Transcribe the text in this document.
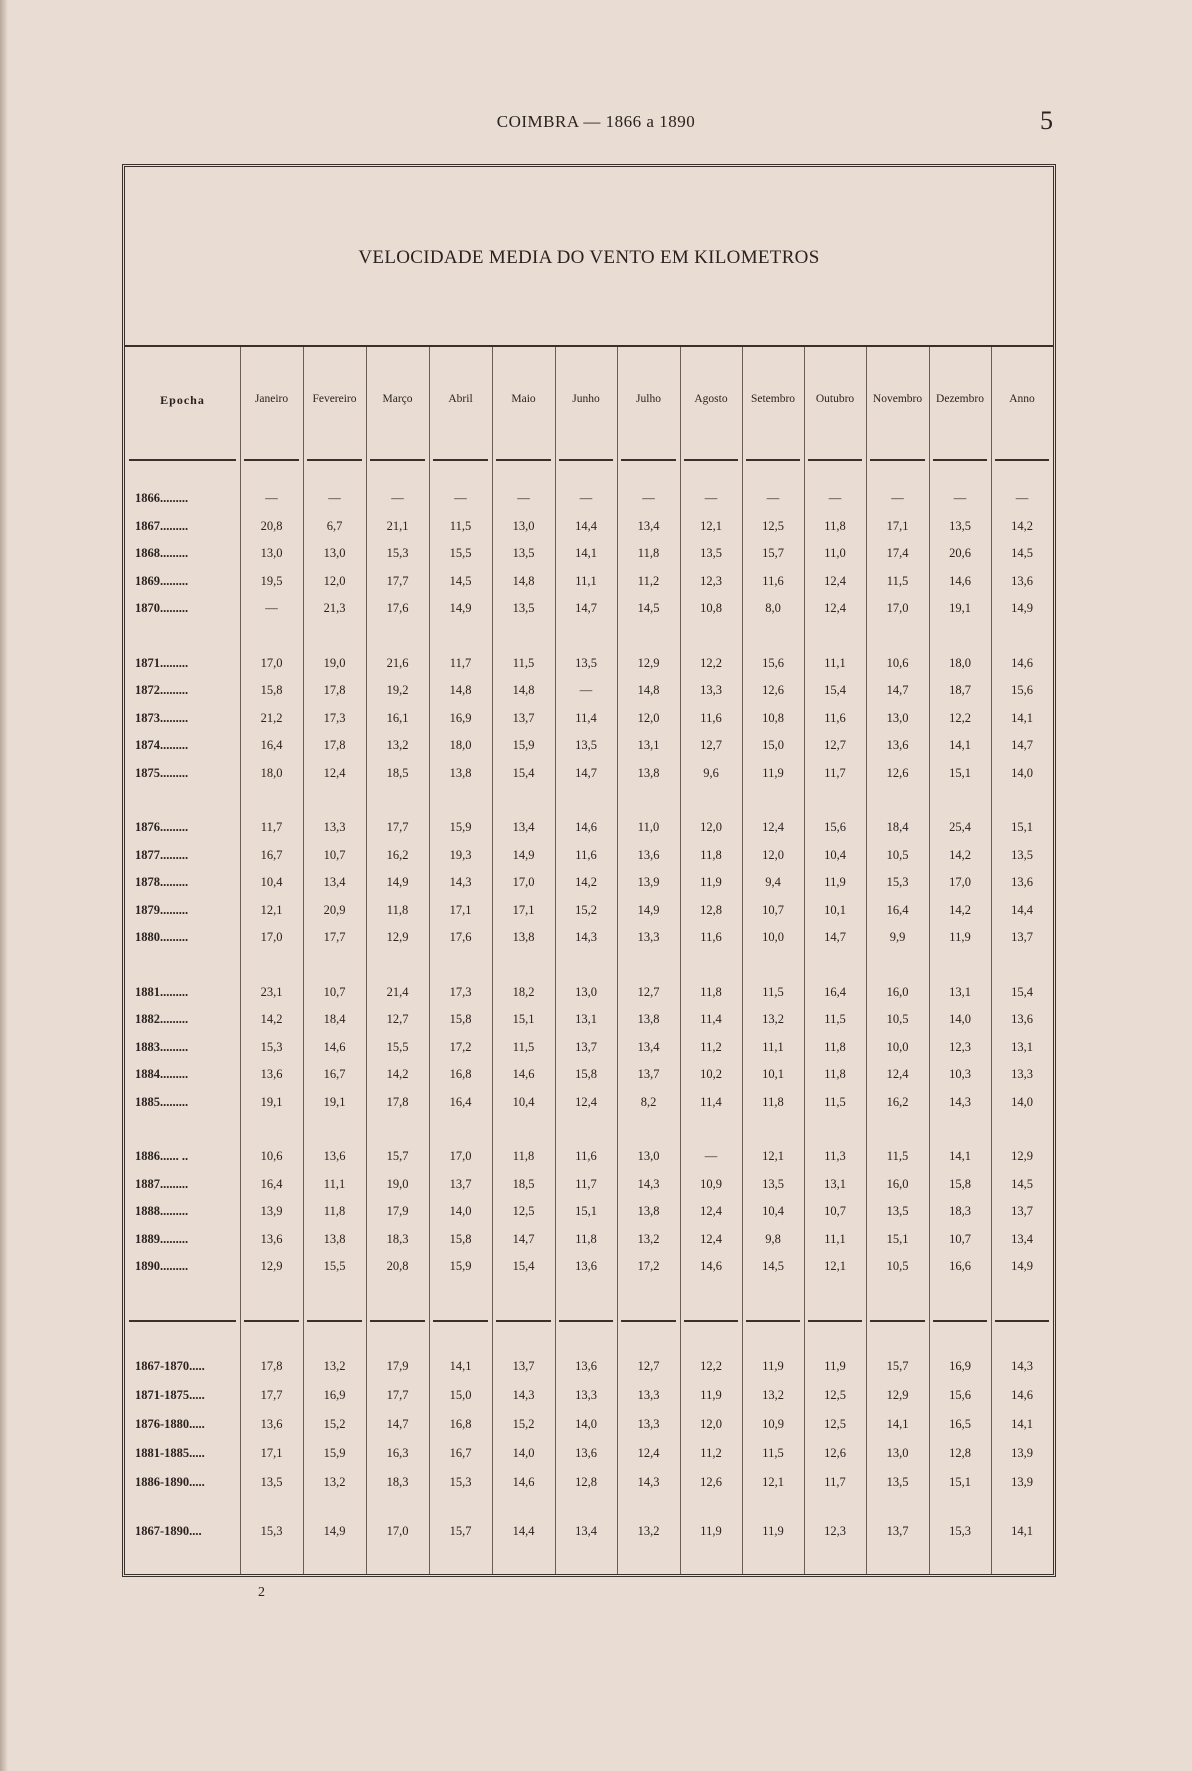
COIMBRA — 1866 a 1890	5
VELOCIDADE MEDIA DO VENTO EM KILOMETROS
Epocha	Janeiro	Fevereiro	Março	Abril	Maio	Junho	Julho	Agosto	Setembro	Outubro	Novembro	Dezembro	Anno
1866.........	—	—	—	—	—	—	—	—	—	—	—	—	—
1867.........	20,8	6,7	21,1	11,5	13,0	14,4	13,4	12,1	12,5	11,8	17,1	13,5	14,2
1868.........	13,0	13,0	15,3	15,5	13,5	14,1	11,8	13,5	15,7	11,0	17,4	20,6	14,5
1869.........	19,5	12,0	17,7	14,5	14,8	11,1	11,2	12,3	11,6	12,4	11,5	14,6	13,6
1870.........	—	21,3	17,6	14,9	13,5	14,7	14,5	10,8	8,0	12,4	17,0	19,1	14,9
1871.........	17,0	19,0	21,6	11,7	11,5	13,5	12,9	12,2	15,6	11,1	10,6	18,0	14,6
1872.........	15,8	17,8	19,2	14,8	14,8	—	14,8	13,3	12,6	15,4	14,7	18,7	15,6
1873.........	21,2	17,3	16,1	16,9	13,7	11,4	12,0	11,6	10,8	11,6	13,0	12,2	14,1
1874.........	16,4	17,8	13,2	18,0	15,9	13,5	13,1	12,7	15,0	12,7	13,6	14,1	14,7
1875.........	18,0	12,4	18,5	13,8	15,4	14,7	13,8	9,6	11,9	11,7	12,6	15,1	14,0
1876.........	11,7	13,3	17,7	15,9	13,4	14,6	11,0	12,0	12,4	15,6	18,4	25,4	15,1
1877.........	16,7	10,7	16,2	19,3	14,9	11,6	13,6	11,8	12,0	10,4	10,5	14,2	13,5
1878.........	10,4	13,4	14,9	14,3	17,0	14,2	13,9	11,9	9,4	11,9	15,3	17,0	13,6
1879.........	12,1	20,9	11,8	17,1	17,1	15,2	14,9	12,8	10,7	10,1	16,4	14,2	14,4
1880.........	17,0	17,7	12,9	17,6	13,8	14,3	13,3	11,6	10,0	14,7	9,9	11,9	13,7
1881.........	23,1	10,7	21,4	17,3	18,2	13,0	12,7	11,8	11,5	16,4	16,0	13,1	15,4
1882.........	14,2	18,4	12,7	15,8	15,1	13,1	13,8	11,4	13,2	11,5	10,5	14,0	13,6
1883.........	15,3	14,6	15,5	17,2	11,5	13,7	13,4	11,2	11,1	11,8	10,0	12,3	13,1
1884.........	13,6	16,7	14,2	16,8	14,6	15,8	13,7	10,2	10,1	11,8	12,4	10,3	13,3
1885.........	19,1	19,1	17,8	16,4	10,4	12,4	8,2	11,4	11,8	11,5	16,2	14,3	14,0
1886...... ..	10,6	13,6	15,7	17,0	11,8	11,6	13,0	—	12,1	11,3	11,5	14,1	12,9
1887.........	16,4	11,1	19,0	13,7	18,5	11,7	14,3	10,9	13,5	13,1	16,0	15,8	14,5
1888.........	13,9	11,8	17,9	14,0	12,5	15,1	13,8	12,4	10,4	10,7	13,5	18,3	13,7
1889.........	13,6	13,8	18,3	15,8	14,7	11,8	13,2	12,4	9,8	11,1	15,1	10,7	13,4
1890.........	12,9	15,5	20,8	15,9	15,4	13,6	17,2	14,6	14,5	12,1	10,5	16,6	14,9
1867-1870.....	17,8	13,2	17,9	14,1	13,7	13,6	12,7	12,2	11,9	11,9	15,7	16,9	14,3
1871-1875.....	17,7	16,9	17,7	15,0	14,3	13,3	13,3	11,9	13,2	12,5	12,9	15,6	14,6
1876-1880.....	13,6	15,2	14,7	16,8	15,2	14,0	13,3	12,0	10,9	12,5	14,1	16,5	14,1
1881-1885.....	17,1	15,9	16,3	16,7	14,0	13,6	12,4	11,2	11,5	12,6	13,0	12,8	13,9
1886-1890.....	13,5	13,2	18,3	15,3	14,6	12,8	14,3	12,6	12,1	11,7	13,5	15,1	13,9
1867-1890....	15,3	14,9	17,0	15,7	14,4	13,4	13,2	11,9	11,9	12,3	13,7	15,3	14,1
2
